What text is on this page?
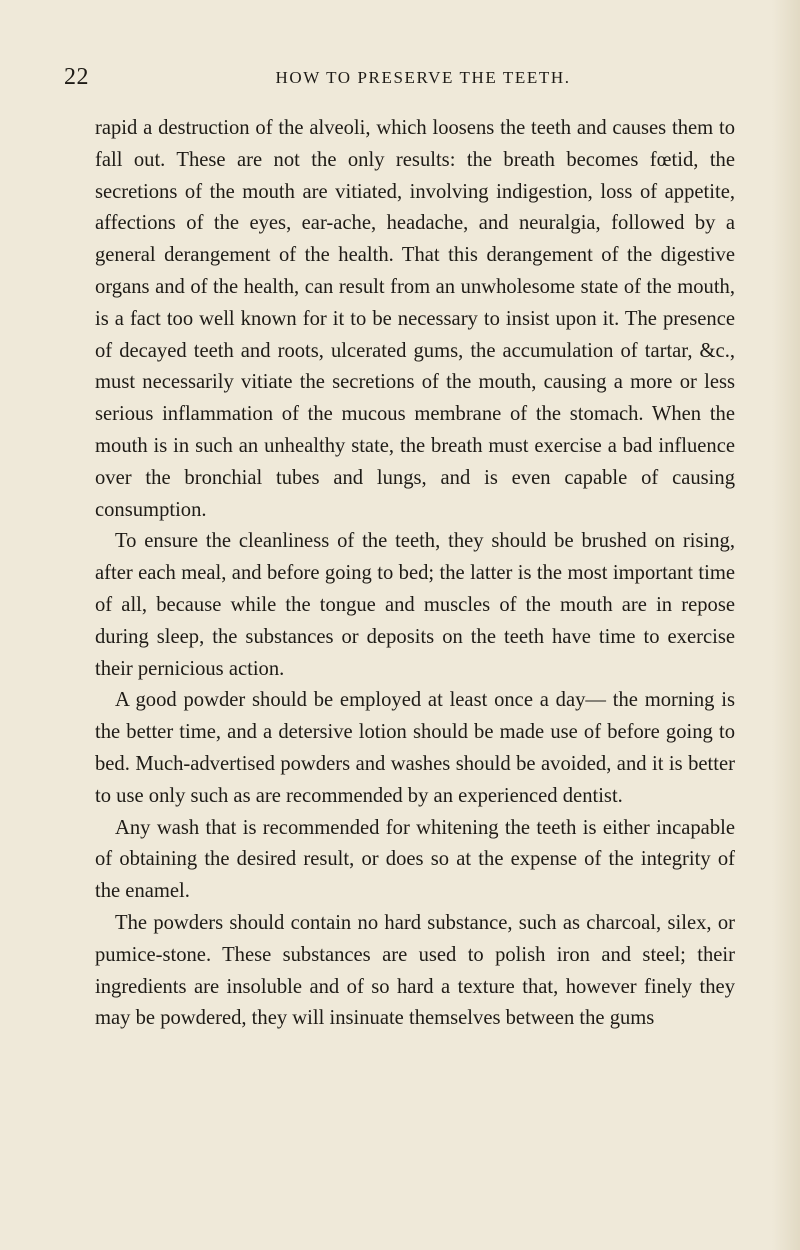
22	HOW TO PRESERVE THE TEETH.

rapid a destruction of the alveoli, which loosens the teeth and causes them to fall out. These are not the only results: the breath becomes fœtid, the secretions of the mouth are vitiated, involving indigestion, loss of appetite, affections of the eyes, ear-ache, headache, and neuralgia, followed by a general derangement of the health. That this derangement of the digestive organs and of the health, can result from an unwholesome state of the mouth, is a fact too well known for it to be necessary to insist upon it. The presence of decayed teeth and roots, ulcerated gums, the accumulation of tartar, &c., must necessarily vitiate the secretions of the mouth, causing a more or less serious inflammation of the mucous membrane of the stomach. When the mouth is in such an unhealthy state, the breath must exercise a bad influence over the bronchial tubes and lungs, and is even capable of causing consumption.

To ensure the cleanliness of the teeth, they should be brushed on rising, after each meal, and before going to bed; the latter is the most important time of all, because while the tongue and muscles of the mouth are in repose during sleep, the substances or deposits on the teeth have time to exercise their pernicious action.

A good powder should be employed at least once a day— the morning is the better time, and a detersive lotion should be made use of before going to bed. Much-advertised powders and washes should be avoided, and it is better to use only such as are recommended by an experienced dentist.

Any wash that is recommended for whitening the teeth is either incapable of obtaining the desired result, or does so at the expense of the integrity of the enamel.

The powders should contain no hard substance, such as charcoal, silex, or pumice-stone. These substances are used to polish iron and steel; their ingredients are insoluble and of so hard a texture that, however finely they may be powdered, they will insinuate themselves between the gums
